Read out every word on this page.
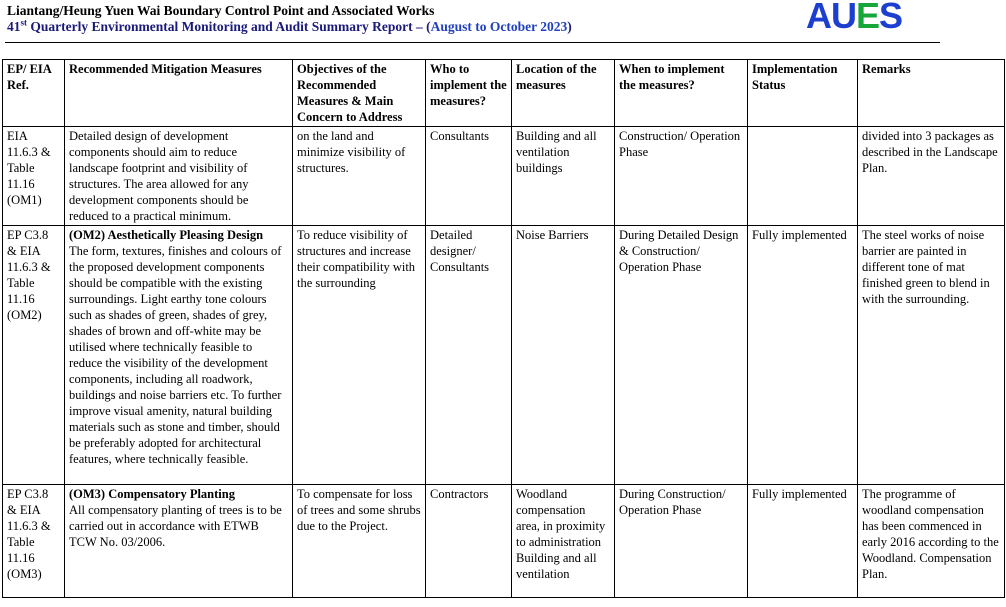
Liantang/Heung Yuen Wai Boundary Control Point and Associated Works
41st Quarterly Environmental Monitoring and Audit Summary Report – (August to October 2023)	AUES
EP/ EIA Ref.	Recommended Mitigation Measures	Objectives of the Recommended Measures & Main Concern to Address	Who to implement the measures?	Location of the measures	When to implement the measures?	Implementation Status	Remarks
EIA 11.6.3 & Table 11.16 (OM1)	Detailed design of development components should aim to reduce landscape footprint and visibility of structures. The area allowed for any development components should be reduced to a practical minimum.	on the land and minimize visibility of structures.	Consultants	Building and all ventilation buildings	Construction/ Operation Phase		divided into 3 packages as described in the Landscape Plan.
EP C3.8 & EIA 11.6.3 & Table 11.16 (OM2)	(OM2) Aesthetically Pleasing Design
The form, textures, finishes and colours of the proposed development components should be compatible with the existing surroundings. Light earthy tone colours such as shades of green, shades of grey, shades of brown and off-white may be utilised where technically feasible to reduce the visibility of the development components, including all roadwork, buildings and noise barriers etc. To further improve visual amenity, natural building materials such as stone and timber, should be preferably adopted for architectural features, where technically feasible.	To reduce visibility of structures and increase their compatibility with the surrounding	Detailed designer/ Consultants	Noise Barriers	During Detailed Design & Construction/ Operation Phase	Fully implemented	The steel works of noise barrier are painted in different tone of mat finished green to blend in with the surrounding.
EP C3.8 & EIA 11.6.3 & Table 11.16 (OM3)	(OM3) Compensatory Planting
All compensatory planting of trees is to be carried out in accordance with ETWB TCW No. 03/2006.	To compensate for loss of trees and some shrubs due to the Project.	Contractors	Woodland compensation area, in proximity to administration Building and all ventilation	During Construction/ Operation Phase	Fully implemented	The programme of woodland compensation has been commenced in early 2016 according to the Woodland. Compensation Plan.
